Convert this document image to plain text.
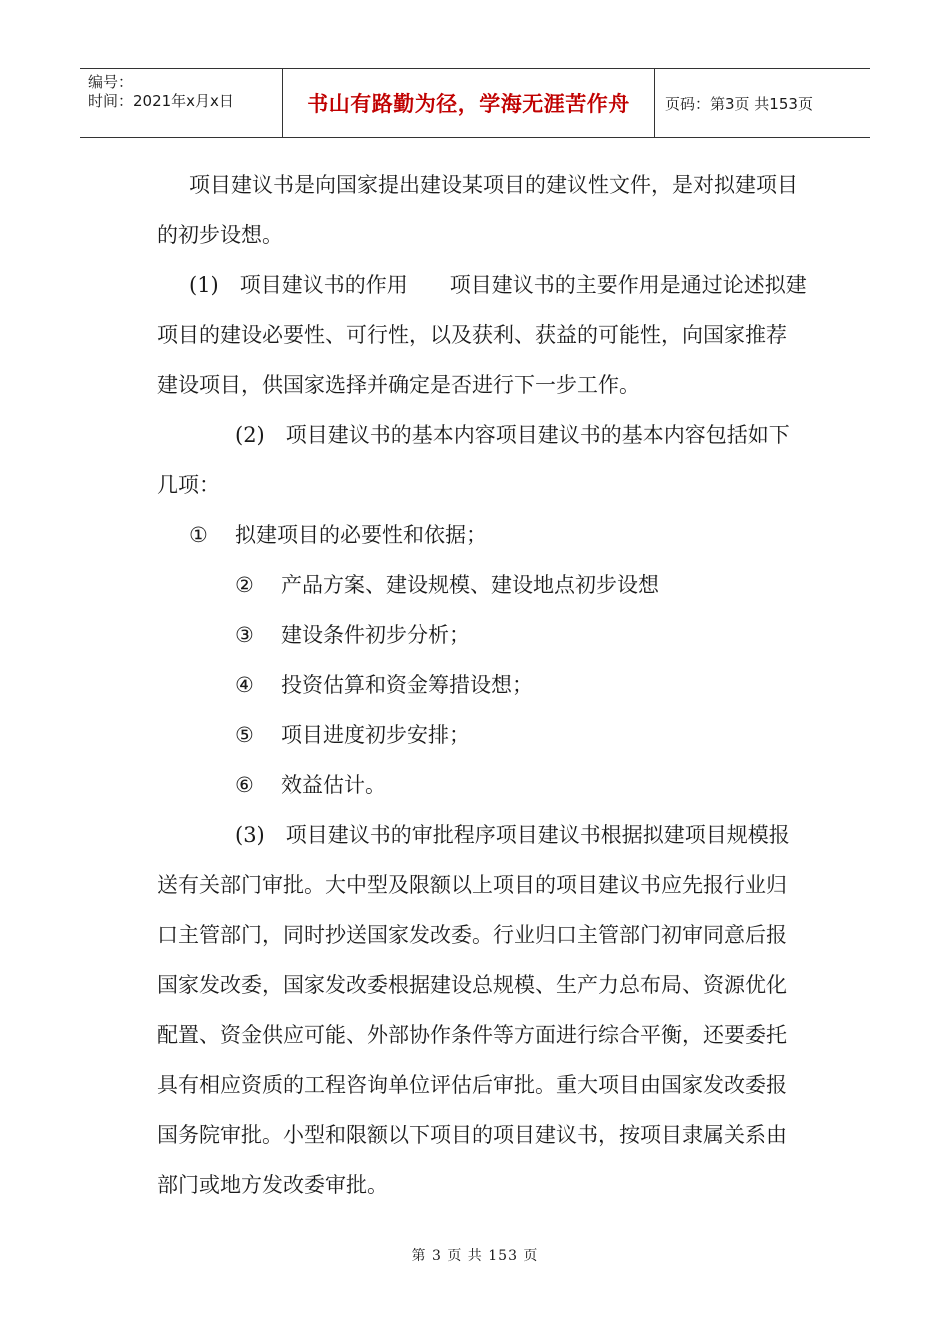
编号：
时间：2021年x月x日	书山有路勤为径，学海无涯苦作舟	页码：第3页 共153页

项目建议书是向国家提出建设某项目的建议性文件，是对拟建项目的初步设想。

(1)　项目建议书的作用 项目建议书的主要作用是通过论述拟建项目的建设必要性、可行性，以及获利、获益的可能性，向国家推荐建设项目，供国家选择并确定是否进行下一步工作。

(2)　项目建议书的基本内容项目建议书的基本内容包括如下几项：

① 拟建项目的必要性和依据；

② 产品方案、建设规模、建设地点初步设想

③ 建设条件初步分析；

④ 投资估算和资金筹措设想；

⑤ 项目进度初步安排；

⑥ 效益估计。

(3)　项目建议书的审批程序项目建议书根据拟建项目规模报送有关部门审批。大中型及限额以上项目的项目建议书应先报行业归口主管部门，同时抄送国家发改委。行业归口主管部门初审同意后报国家发改委，国家发改委根据建设总规模、生产力总布局、资源优化配置、资金供应可能、外部协作条件等方面进行综合平衡，还要委托具有相应资质的工程咨询单位评估后审批。重大项目由国家发改委报国务院审批。小型和限额以下项目的项目建议书，按项目隶属关系由部门或地方发改委审批。

第 3 页 共 153 页
